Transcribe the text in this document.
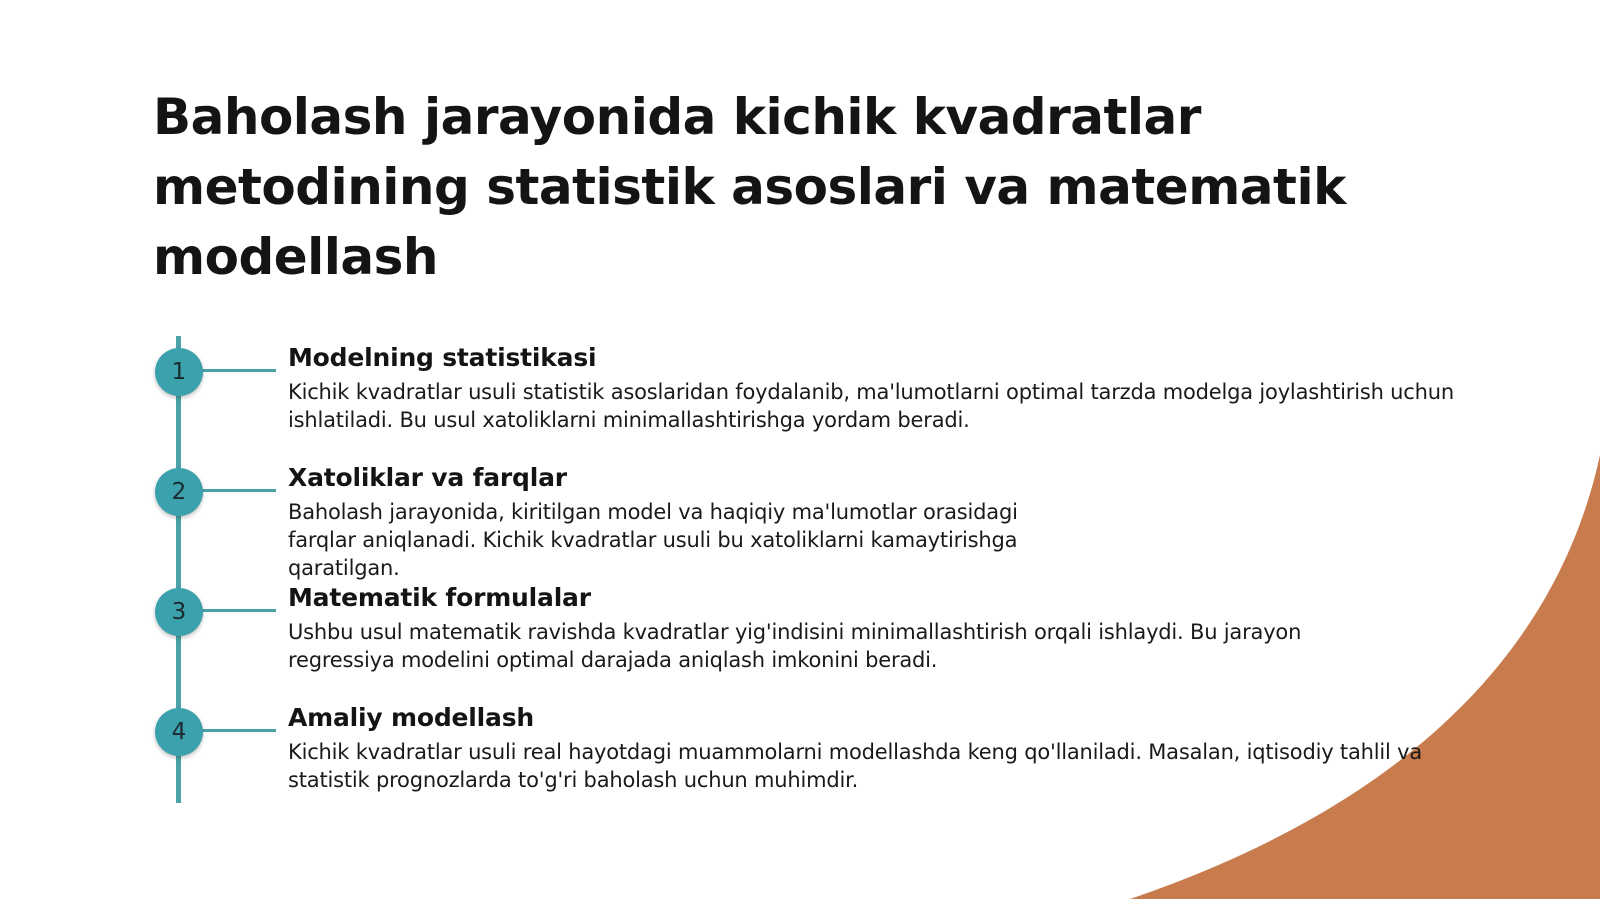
Baholash jarayonida kichik kvadratlar metodining statistik asoslari va matematik modellash
1	Modelning statistikasi

Kichik kvadratlar usuli statistik asoslaridan foydalanib, ma'lumotlarni optimal tarzda modelga joylashtirish uchun ishlatiladi. Bu usul xatoliklarni minimallashtirishga yordam beradi.

2	Xatoliklar va farqlar

Baholash jarayonida, kiritilgan model va haqiqiy ma'lumotlar orasidagi farqlar aniqlanadi. Kichik kvadratlar usuli bu xatoliklarni kamaytirishga qaratilgan.

3	Matematik formulalar

Ushbu usul matematik ravishda kvadratlar yig'indisini minimallashtirish orqali ishlaydi. Bu jarayon regressiya modelini optimal darajada aniqlash imkonini beradi.

4	Amaliy modellash

Kichik kvadratlar usuli real hayotdagi muammolarni modellashda keng qo'llaniladi. Masalan, iqtisodiy tahlil va statistik prognozlarda to'g'ri baholash uchun muhimdir.
